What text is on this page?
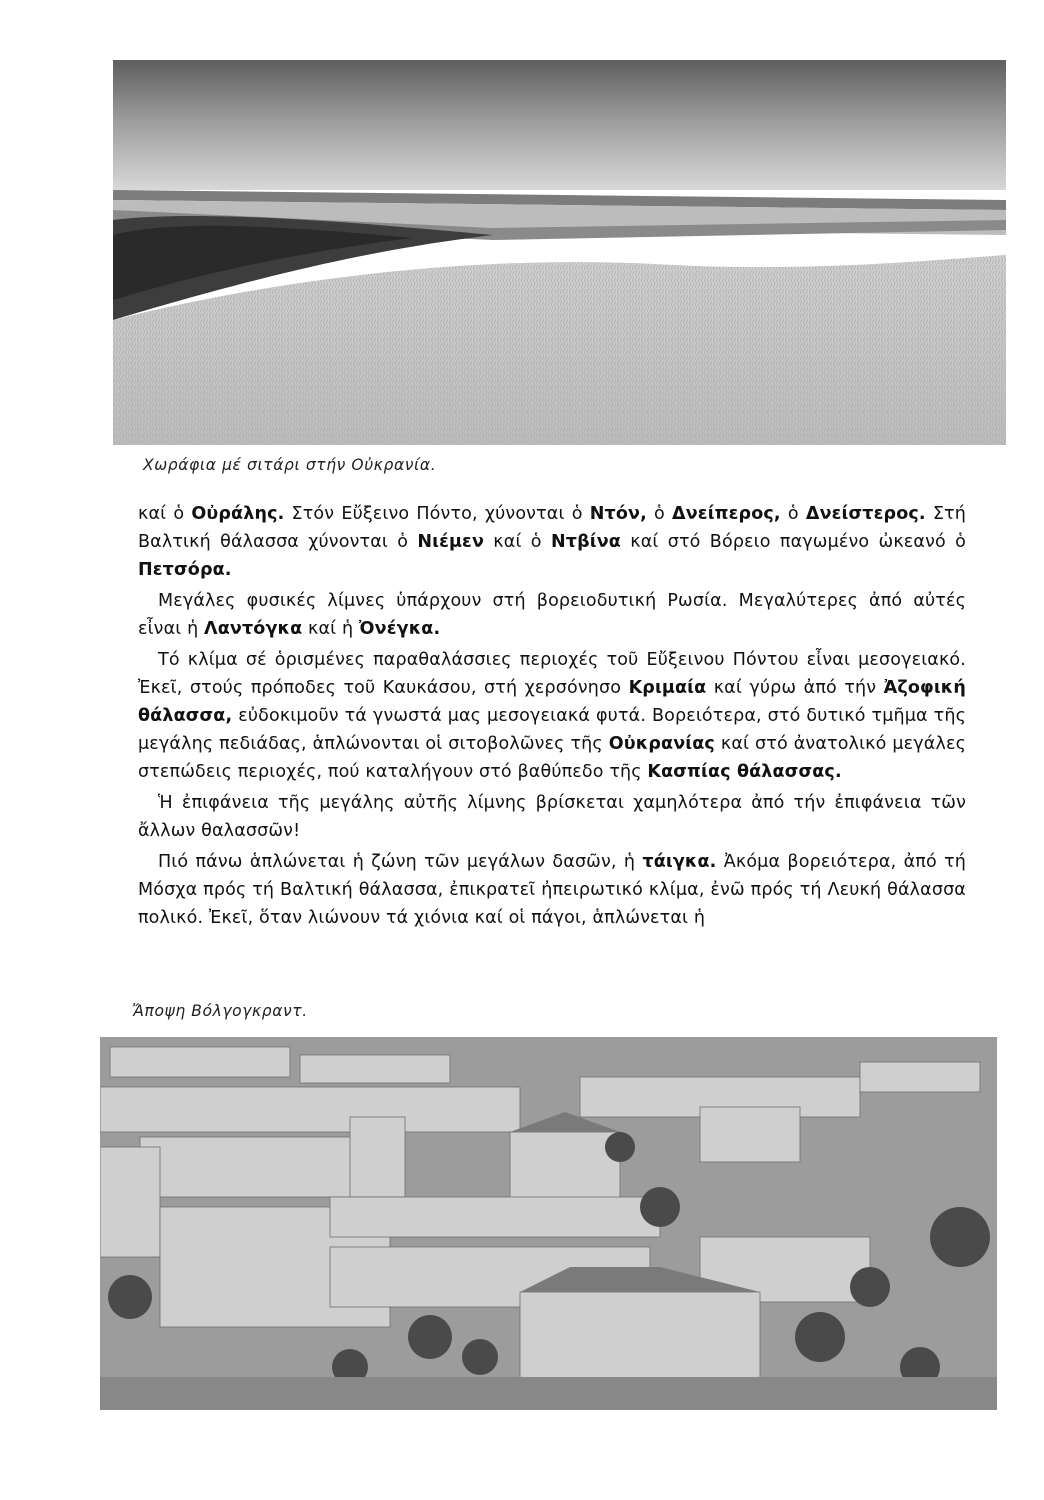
Χωράφια μέ σιτάρι στήν Οὐκρανία.

καί ὁ Οὐράλης. Στόν Εὔξεινο Πόντο, χύνονται ὁ Ντόν, ὁ Δνείπερος, ὁ Δνείστερος. Στή Βαλτική θάλασσα χύνονται ὁ Νιέμεν καί ὁ Ντβίνα καί στό Βόρειο παγωμένο ὠκεανό ὁ Πετσόρα.

Μεγάλες φυσικές λίμνες ὑπάρχουν στή βορειοδυτική Ρωσία. Μεγαλύτερες ἀπό αὐτές εἶναι ἡ Λαντόγκα καί ἡ Ὀνέγκα.

Τό κλίμα σέ ὁρισμένες παραθαλάσσιες περιοχές τοῦ Εὔξεινου Πόντου εἶναι μεσογειακό. Ἐκεῖ, στούς πρόποδες τοῦ Καυκάσου, στή χερσόνησο Κριμαία καί γύρω ἀπό τήν Ἀζοφική θάλασσα, εὐδοκιμοῦν τά γνωστά μας μεσογειακά φυτά. Βορειότερα, στό δυτικό τμῆμα τῆς μεγάλης πεδιάδας, ἁπλώνονται οἱ σιτοβολῶνες τῆς Οὐκρανίας καί στό ἀνατολικό μεγάλες στεπώδεις περιοχές, πού καταλήγουν στό βαθύπεδο τῆς Κασπίας θάλασσας.

Ἡ ἐπιφάνεια τῆς μεγάλης αὐτῆς λίμνης βρίσκεται χαμηλότερα ἀπό τήν ἐπιφάνεια τῶν ἄλλων θαλασσῶν!

Πιό πάνω ἁπλώνεται ἡ ζώνη τῶν μεγάλων δασῶν, ἡ τάιγκα. Ἀκόμα βορειότερα, ἀπό τή Μόσχα πρός τή Βαλτική θάλασσα, ἐπικρατεῖ ἠπειρωτικό κλίμα, ἐνῶ πρός τή Λευκή θάλασσα πολικό. Ἐκεῖ, ὅταν λιώνουν τά χιόνια καί οἱ πάγοι, ἁπλώνεται ἡ

Ἄποψη Βόλγογκραντ.
